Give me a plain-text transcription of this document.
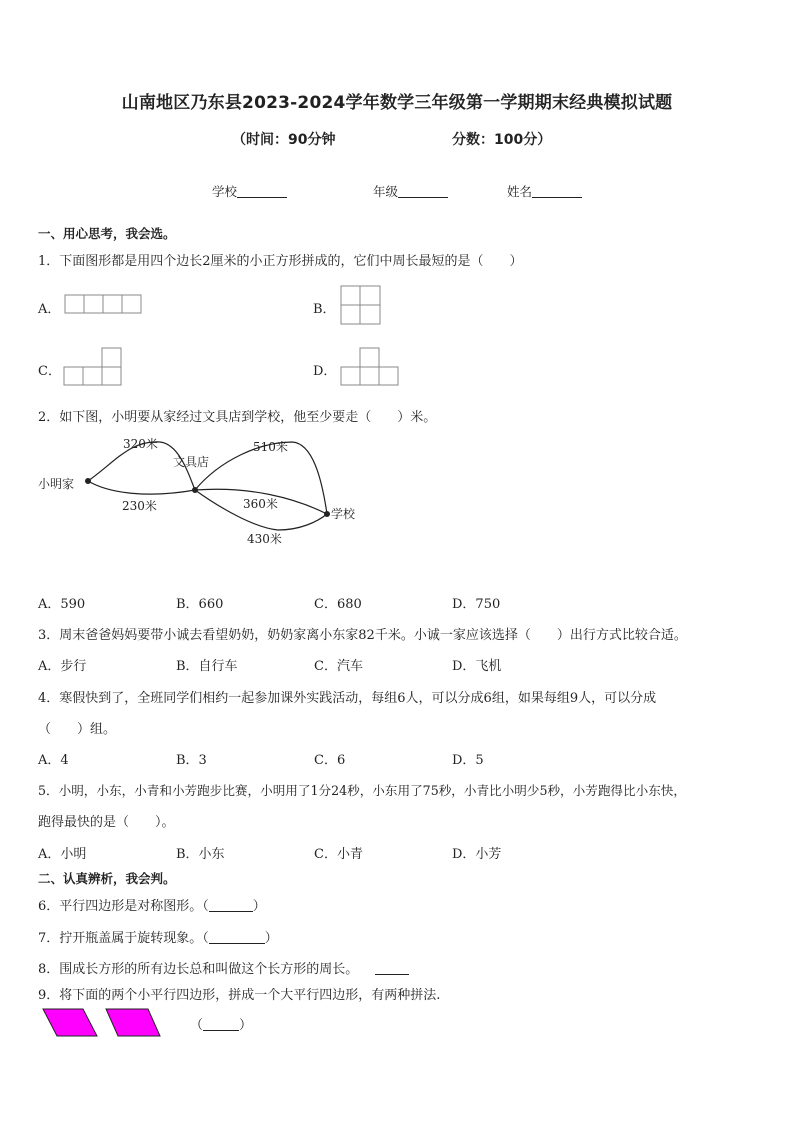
山南地区乃东县2023-2024学年数学三年级第一学期期末经典模拟试题
（时间：90分钟	分数：100分）
学校	年级	姓名
一、用心思考，我会选。
1．下面图形都是用四个边长2厘米的小正方形拼成的，它们中周长最短的是（　　）
A．	B．
C．	D．
2．如下图，小明要从家经过文具店到学校，他至少要走（　　）米。
小明家
文具店
学校
320米
230米
510米
360米
430米
A．590	B．660	C．680	D．750
3．周末爸爸妈妈要带小诚去看望奶奶，奶奶家离小东家82千米。小诚一家应该选择（　　）出行方式比较合适。
A．步行	B．自行车	C．汽车	D．飞机
4．寒假快到了，全班同学们相约一起参加课外实践活动，每组6人，可以分成6组，如果每组9人，可以分成
（　　）组。
A．4	B．3	C．6	D．5
5．小明，小东，小青和小芳跑步比赛，小明用了1分24秒，小东用了75秒，小青比小明少5秒，小芳跑得比小东快，
跑得最快的是（　　）。
A．小明	B．小东	C．小青	D．小芳
二、认真辨析，我会判。
6．平行四边形是对称图形。（	）
7．拧开瓶盖属于旋转现象。（	）
8．围成长方形的所有边长总和叫做这个长方形的周长。
9．将下面的两个小平行四边形，拼成一个大平行四边形，有两种拼法.
（	）
